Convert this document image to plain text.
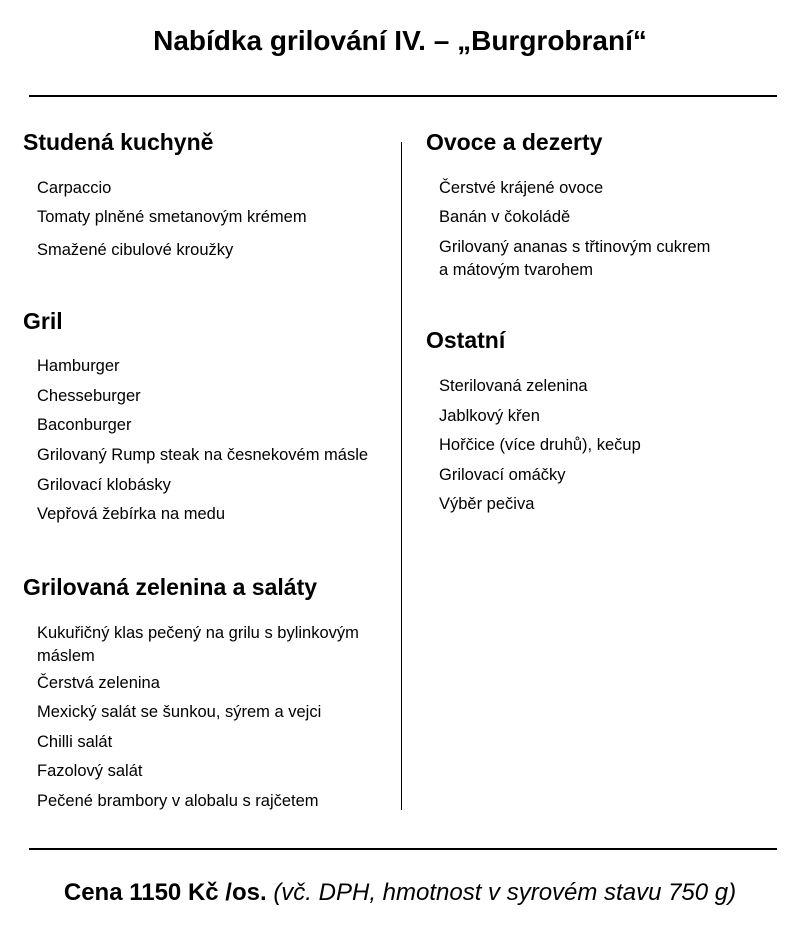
Nabídka grilování IV. – „Burgrobraní“
Studená kuchyně
Carpaccio
Tomaty plněné smetanovým krémem
Smažené cibulové kroužky
Gril
Hamburger
Chesseburger
Baconburger
Grilovaný Rump steak na česnekovém másle
Grilovací klobásky
Vepřová žebírka na medu
Grilovaná zelenina a saláty
Kukuřičný klas pečený na grilu s bylinkovým
máslem
Čerstvá zelenina
Mexický salát se šunkou, sýrem a vejci
Chilli salát
Fazolový salát
Pečené brambory v alobalu s rajčetem
Ovoce a dezerty
Čerstvé krájené ovoce
Banán v čokoládě
Grilovaný ananas s třtinovým cukrem
a mátovým tvarohem
Ostatní
Sterilovaná zelenina
Jablkový křen
Hořčice (více druhů), kečup
Grilovací omáčky
Výběr pečiva
Cena 1150 Kč /os. (vč. DPH, hmotnost v syrovém stavu 750 g)
